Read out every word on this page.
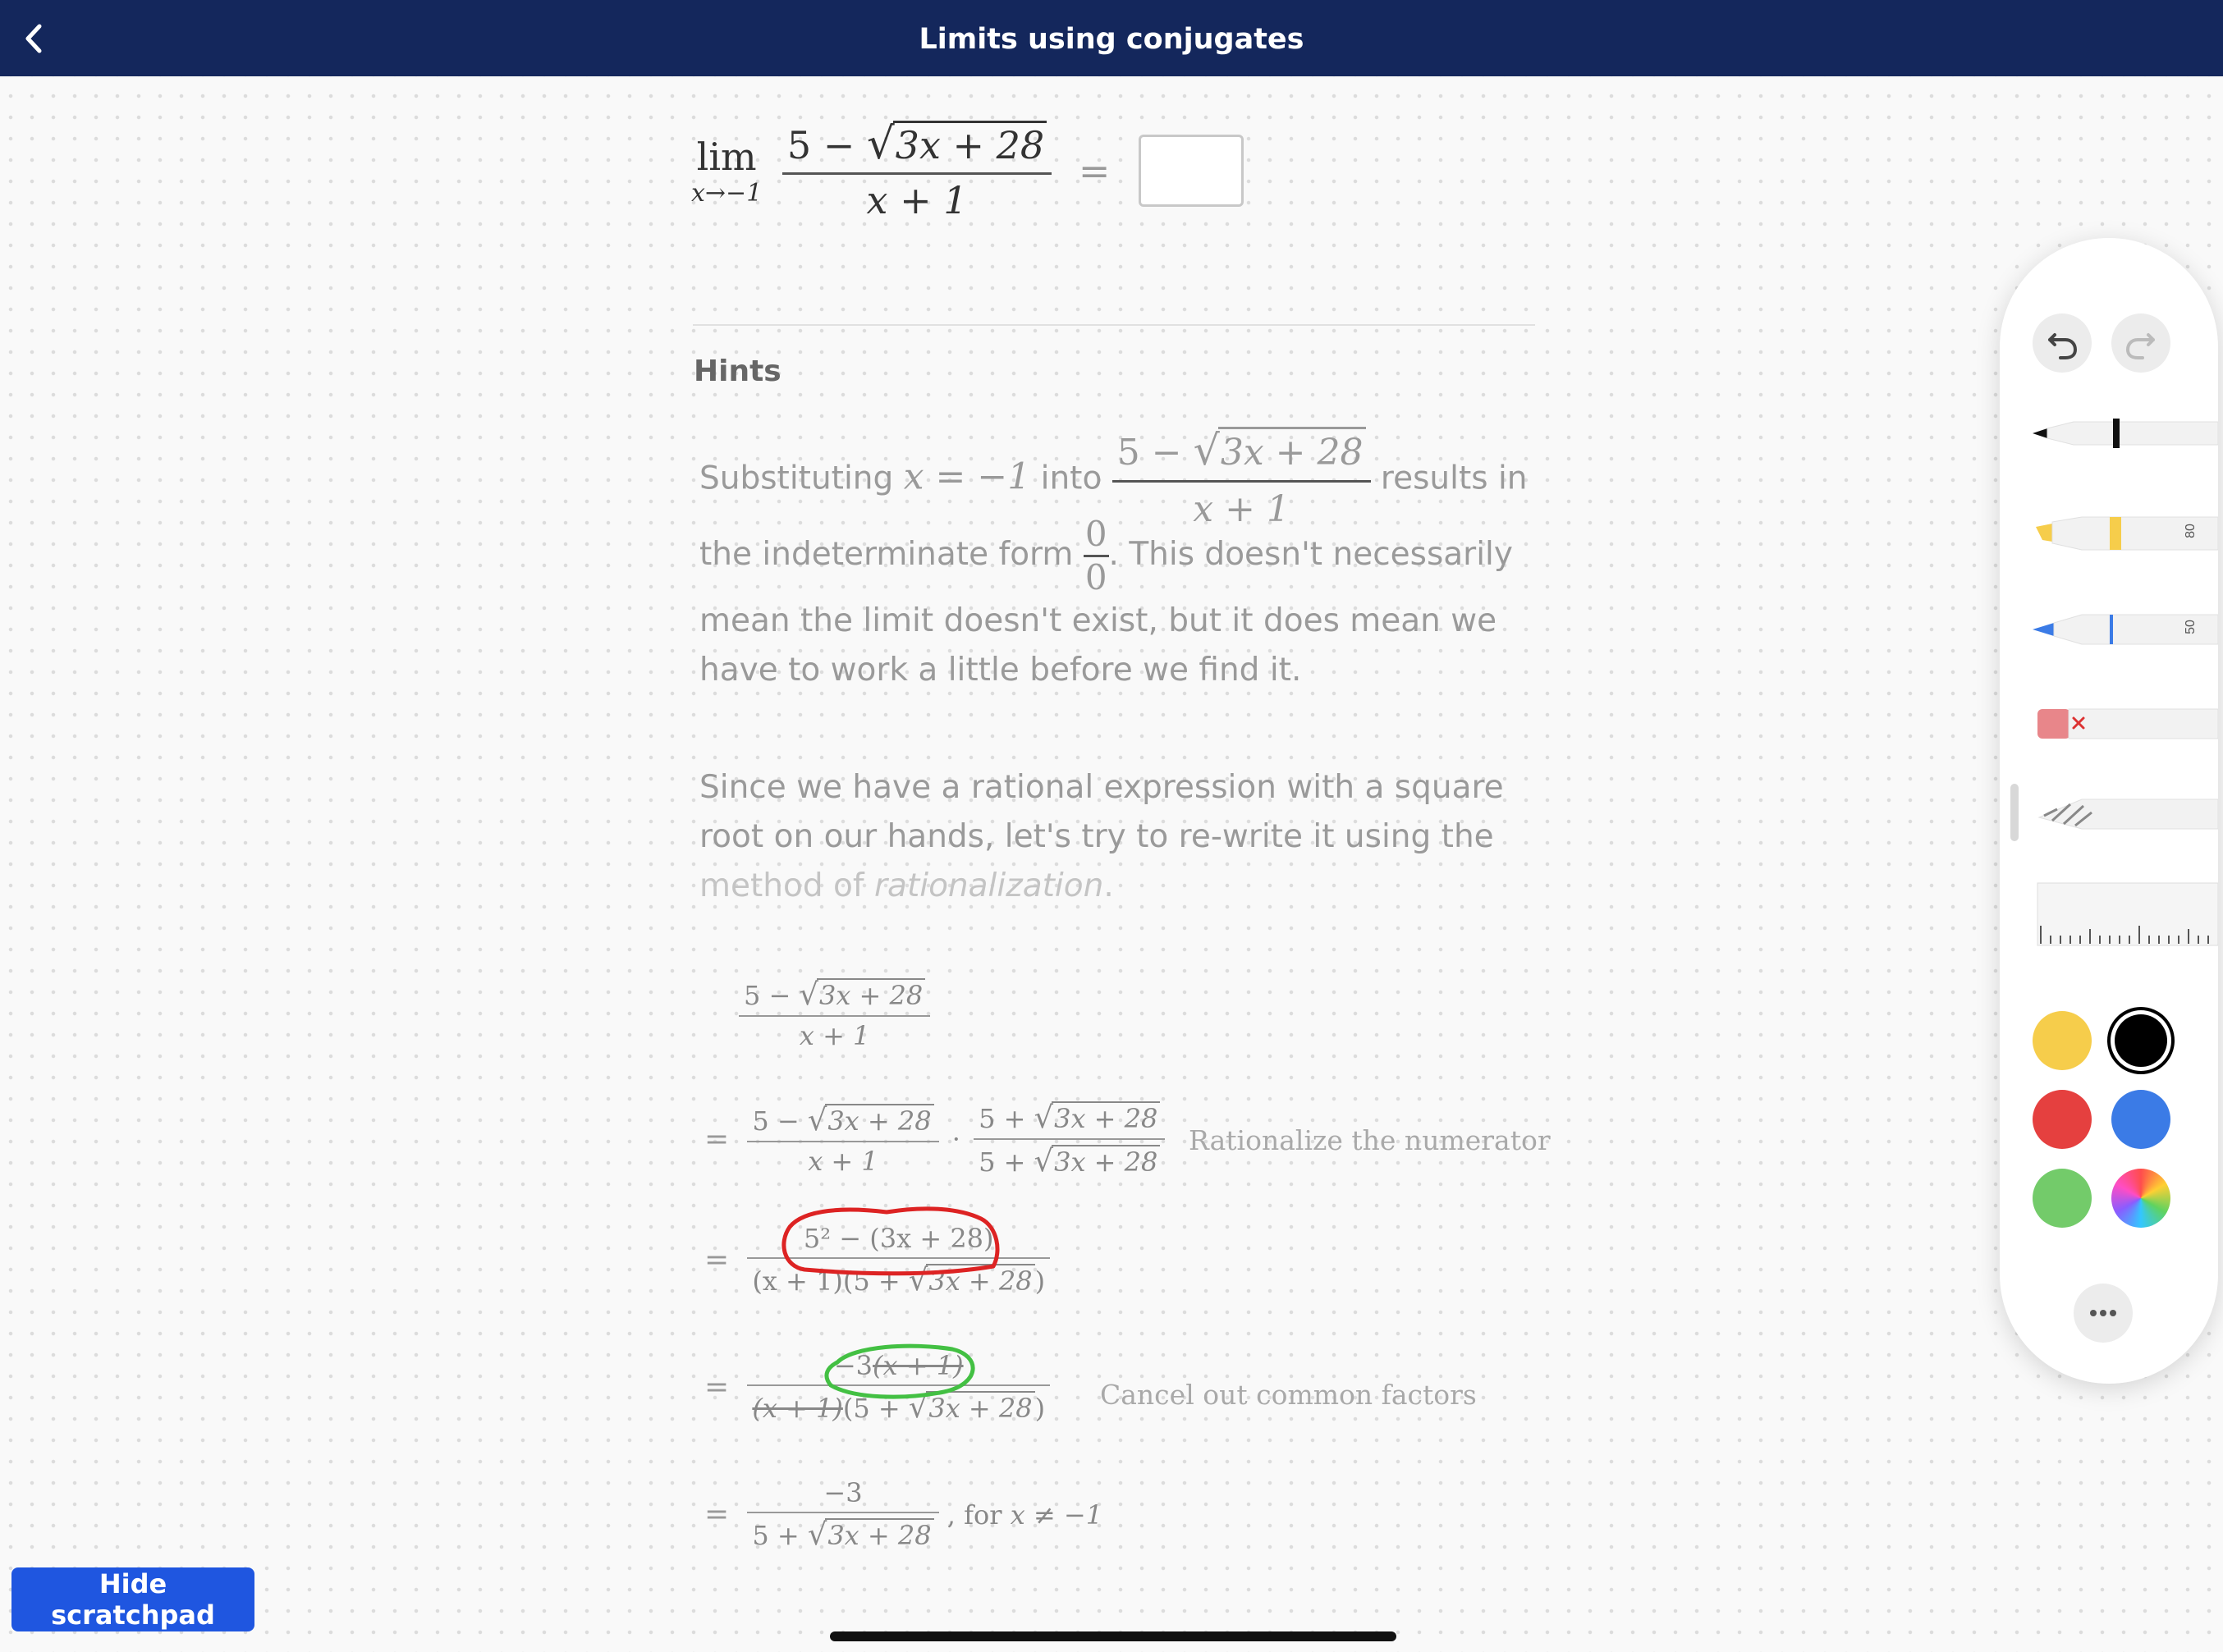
Limits using conjugates
lim
x→−1
$\frac{5 - √3x + 28}{x + 1}$ =
Hints
Substituting x = −1 into $\frac{5 - √3x + 28}{x + 1}$ results in
the indeterminate form $\frac{0}{0}$ . This doesn't necessarily
mean the limit doesn't exist, but it does mean we
have to work a little before we find it.
Since we have a rational expression with a square
root on our hands, let's try to re-write it using the
method of rationalization.
$\frac{5 - √3x + 28}{x + 1}$
= $\frac{5 - √3x + 28}{x + 1} \cdot \frac{5 + √3x + 28}{5 + √3x + 28}$ Rationalize the numerator
= $\frac{\text{5² − (3x + 28)}}{(x + 1)(5 + √3x + 28)}$
= $\frac{-3(x + 1)}{(x + 1)(5 + √3x + 28)}$ Cancel out common factors
= $\frac{-3}{5 + √3x + 28}$ , for x ≠ −1
80
50
Hide scratchpad
